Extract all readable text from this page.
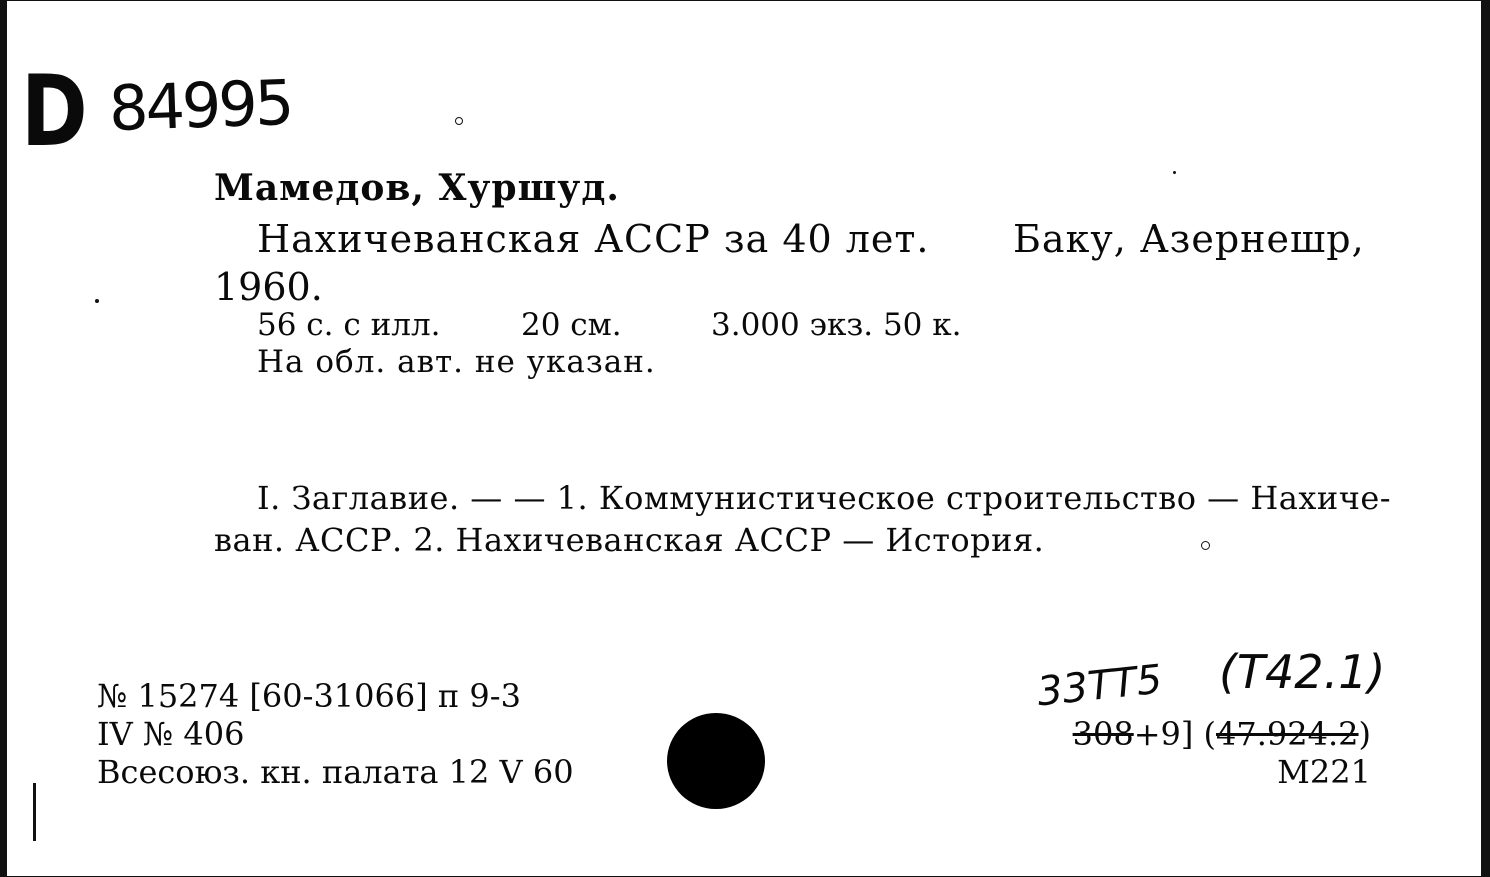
D 84995
Мамедов, Хуршуд.
Нахичеванская АССР за 40 лет. Баку, Азернешр,
1960.
56 с. с илл.	20 см.	3.000 экз. 50 к.
На обл. авт. не указан.
I. Заглавие. — — 1. Коммунистическое строительство — Нахиче-
ван. АССР. 2. Нахичеванская АССР — История.
№ 15274 [60-31066] п 9-3
IV № 406
Всесоюз. кн. палата 12 V 60
33ТТ5 (Т42.1)
308+9] (47.924.2)
М221
